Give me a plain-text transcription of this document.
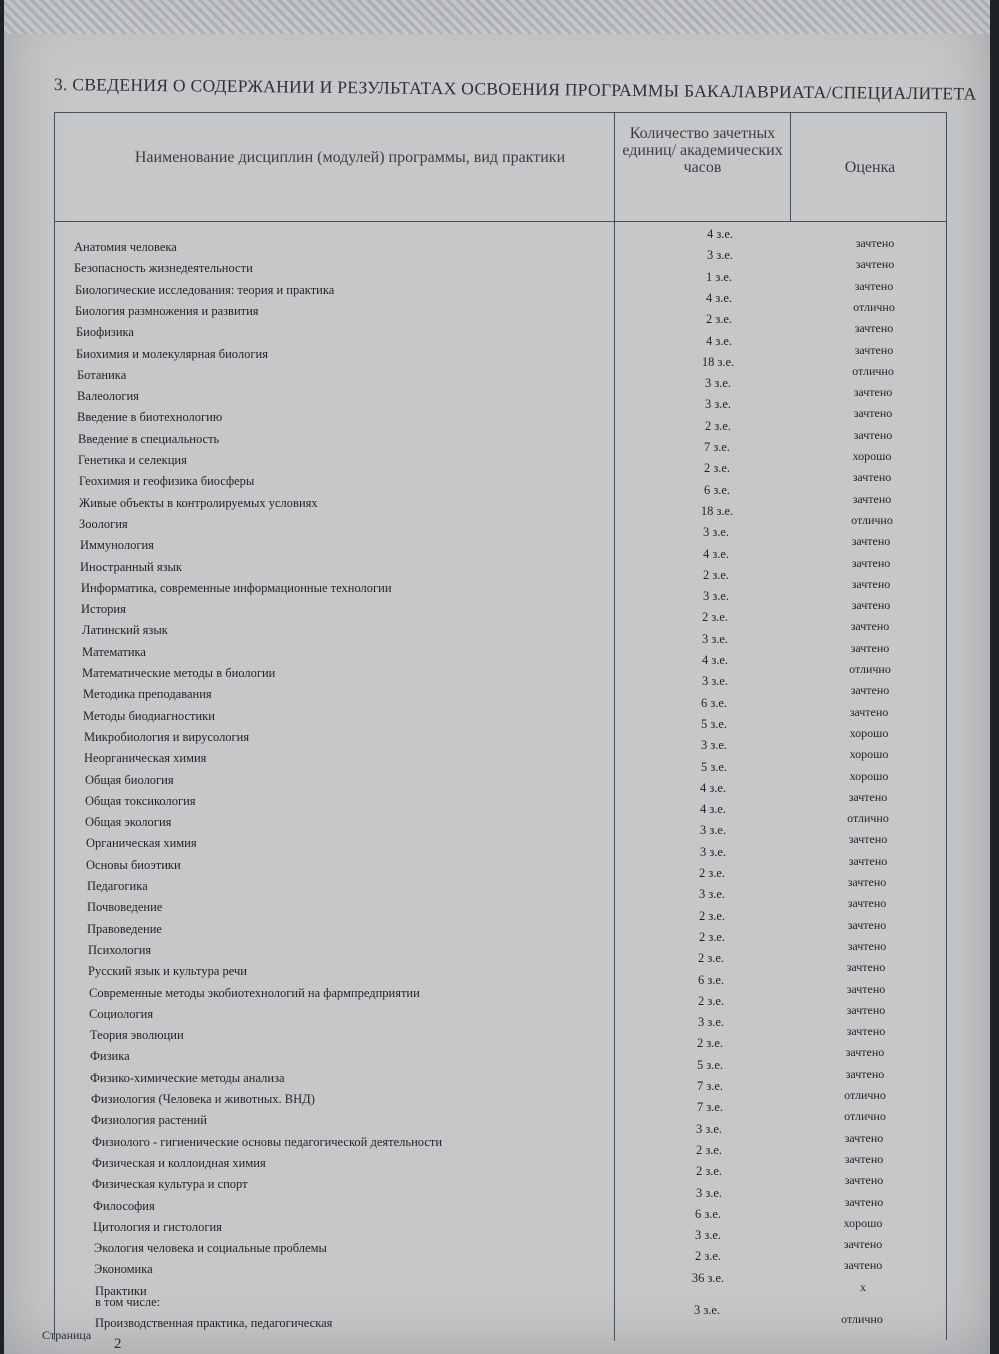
3. СВЕДЕНИЯ О СОДЕРЖАНИИ И РЕЗУЛЬТАТАХ ОСВОЕНИЯ ПРОГРАММЫ БАКАЛАВРИАТА/СПЕЦИАЛИТЕТА
Наименование дисциплин (модулей) программы, вид практики
Количество зачетных единиц/ академических часов	Оценка
Анатомия человека
4 з.е.
зачтено
Безопасность жизнедеятельности
3 з.е.
зачтено
Биологические исследования: теория и практика
1 з.е.
зачтено
Биология размножения и развития
4 з.е.
отлично
Биофизика
2 з.е.
зачтено
Биохимия и молекулярная биология
4 з.е.
зачтено
Ботаника
18 з.е.
отлично
Валеология
3 з.е.
зачтено
Введение в биотехнологию
3 з.е.
зачтено
Введение в специальность
2 з.е.
зачтено
Генетика и селекция
7 з.е.
хорошо
Геохимия и геофизика биосферы
2 з.е.
зачтено
Живые объекты в контролируемых условиях
6 з.е.
зачтено
Зоология
18 з.е.
отлично
Иммунология
3 з.е.
зачтено
Иностранный язык
4 з.е.
зачтено
Информатика, современные информационные технологии
2 з.е.
зачтено
История
3 з.е.
зачтено
Латинский язык
2 з.е.
зачтено
Математика
3 з.е.
зачтено
Математические методы в биологии
4 з.е.
отлично
Методика преподавания
3 з.е.
зачтено
Методы биодиагностики
6 з.е.
зачтено
Микробиология и вирусология
5 з.е.
хорошо
Неорганическая химия
3 з.е.
хорошо
Общая биология
5 з.е.
хорошо
Общая токсикология
4 з.е.
зачтено
Общая экология
4 з.е.
отлично
Органическая химия
3 з.е.
зачтено
Основы биоэтики
3 з.е.
зачтено
Педагогика
2 з.е.
зачтено
Почвоведение
3 з.е.
зачтено
Правоведение
2 з.е.
зачтено
Психология
2 з.е.
зачтено
Русский язык и культура речи
2 з.е.
зачтено
Современные методы экобиотехнологий на фармпредприятии
6 з.е.
зачтено
Социология
2 з.е.
зачтено
Теория эволюции
3 з.е.
зачтено
Физика
2 з.е.
зачтено
Физико-химические методы анализа
5 з.е.
зачтено
Физиология (Человека и животных. ВНД)
7 з.е.
отлично
Физиология растений
7 з.е.
отлично
Физиолого - гигиенические основы педагогической деятельности
3 з.е.
зачтено
Физическая и коллоидная химия
2 з.е.
зачтено
Физическая культура и спорт
2 з.е.
зачтено
Философия
3 з.е.
зачтено
Цитология и гистология
6 з.е.
хорошо
Экология человека и социальные проблемы
3 з.е.
зачтено
Экономика
2 з.е.
зачтено
Практики
36 з.е.
х
в том числе:
Производственная практика, педагогическая
3 з.е.
отлично
Страница
2
